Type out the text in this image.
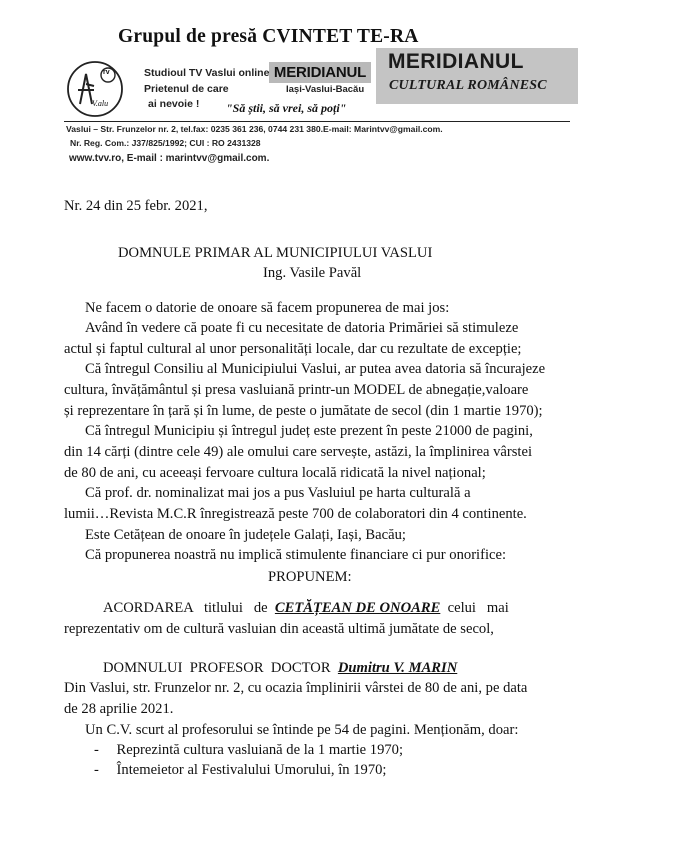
Grupul de presă CVINTET TE-RA
rv
V.alu
Studioul TV Vaslui online
Prietenul de care
ai nevoie !
MERIDIANUL
Iași-Vaslui-Bacău
MERIDIANUL
CULTURAL ROMÂNESC
"Să știi, să vrei, să poți"
Vaslui – Str. Frunzelor nr. 2, tel.fax: 0235 361 236, 0744 231 380.E-mail: Marintvv@gmail.com.
Nr. Reg. Com.: J37/825/1992; CUI : RO 2431328
www.tvv.ro, E-mail : marintvv@gmail.com.
Nr. 24 din 25 febr. 2021,
DOMNULE PRIMAR AL MUNICIPIULUI VASLUI
Ing. Vasile Pavăl
Ne facem o datorie de onoare să facem propunerea de mai jos:
Având în vedere că poate fi cu necesitate de datoria Primăriei să stimuleze
actul și faptul cultural al unor personalități locale, dar cu rezultate de excepție;
Că întregul Consiliu al Municipiului Vaslui, ar putea avea datoria să încurajeze
cultura, învățământul și presa vasluiană printr-un MODEL de abnegație,valoare
și reprezentare în țară și în lume, de peste o jumătate de secol (din 1 martie 1970);
Că întregul Municipiu și întregul județ este prezent în peste 21000 de pagini,
din 14 cărți (dintre cele 49) ale omului care servește, astăzi, la împlinirea vârstei
de 80 de ani, cu aceeași fervoare cultura locală ridicată la nivel național;
Că prof. dr. nominalizat mai jos a pus Vasluiul pe harta culturală a
lumii…Revista M.C.R înregistrează peste 700 de colaboratori din 4 continente.
Este Cetățean de onoare în județele Galați, Iași, Bacău;
Că propunerea noastră nu implică stimulente financiare ci pur onorifice:
PROPUNEM:
ACORDAREA   titlului   de  CETĂȚEAN DE ONOARE  celui   mai
reprezentativ om de cultură vasluian din această ultimă jumătate de secol,
DOMNULUI  PROFESOR  DOCTOR  Dumitru V. MARIN
Din Vaslui, str. Frunzelor nr. 2, cu ocazia împlinirii vârstei de 80 de ani, pe data
de 28 aprilie 2021.
Un C.V. scurt al profesorului se întinde pe 54 de pagini. Menționăm, doar:
- Reprezintă cultura vasluiană de la 1 martie 1970;
- Întemeietor al Festivalului Umorului, în 1970;
